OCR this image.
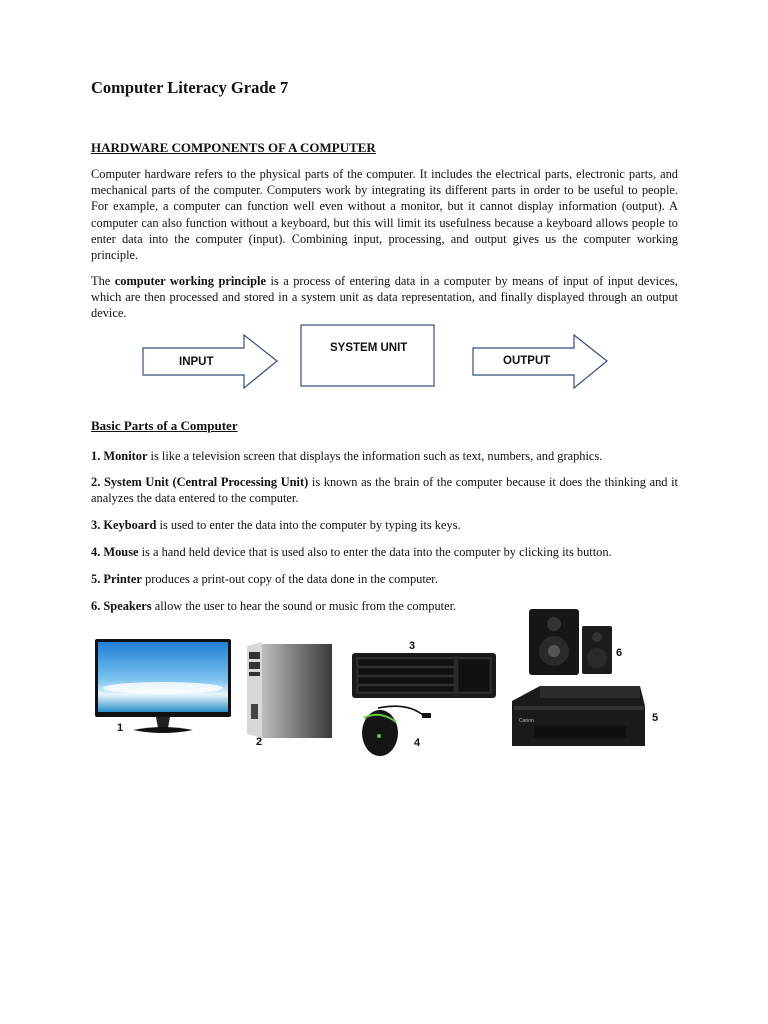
Computer Literacy Grade 7
HARDWARE COMPONENTS OF A COMPUTER

Computer hardware refers to the physical parts of the computer. It includes the electrical parts, electronic parts, and mechanical parts of the computer. Computers work by integrating its different parts in order to be useful to people. For example, a computer can function well even without a monitor, but it cannot display information (output). A computer can also function without a keyboard, but this will limit its usefulness because a keyboard allows people to enter data into the computer (input). Combining input, processing, and output gives us the computer working principle.

The computer working principle is a process of entering data in a computer by means of input of input devices, which are then processed and stored in a system unit as data representation, and finally displayed through an output device.

INPUT
SYSTEM UNIT
OUTPUT
Basic Parts of a Computer

1. Monitor is like a television screen that displays the information such as text, numbers, and graphics.

2. System Unit (Central Processing Unit) is known as the brain of the computer because it does the thinking and it analyzes the data entered to the computer.

3. Keyboard is used to enter the data into the computer by typing its keys.

4. Mouse is a hand held device that is used also to enter the data into the computer by clicking its button.

5. Printer produces a print-out copy of the data done in the computer.

6. Speakers allow the user to hear the sound or music from the computer.

Canon
1
2
3
4
5
6
